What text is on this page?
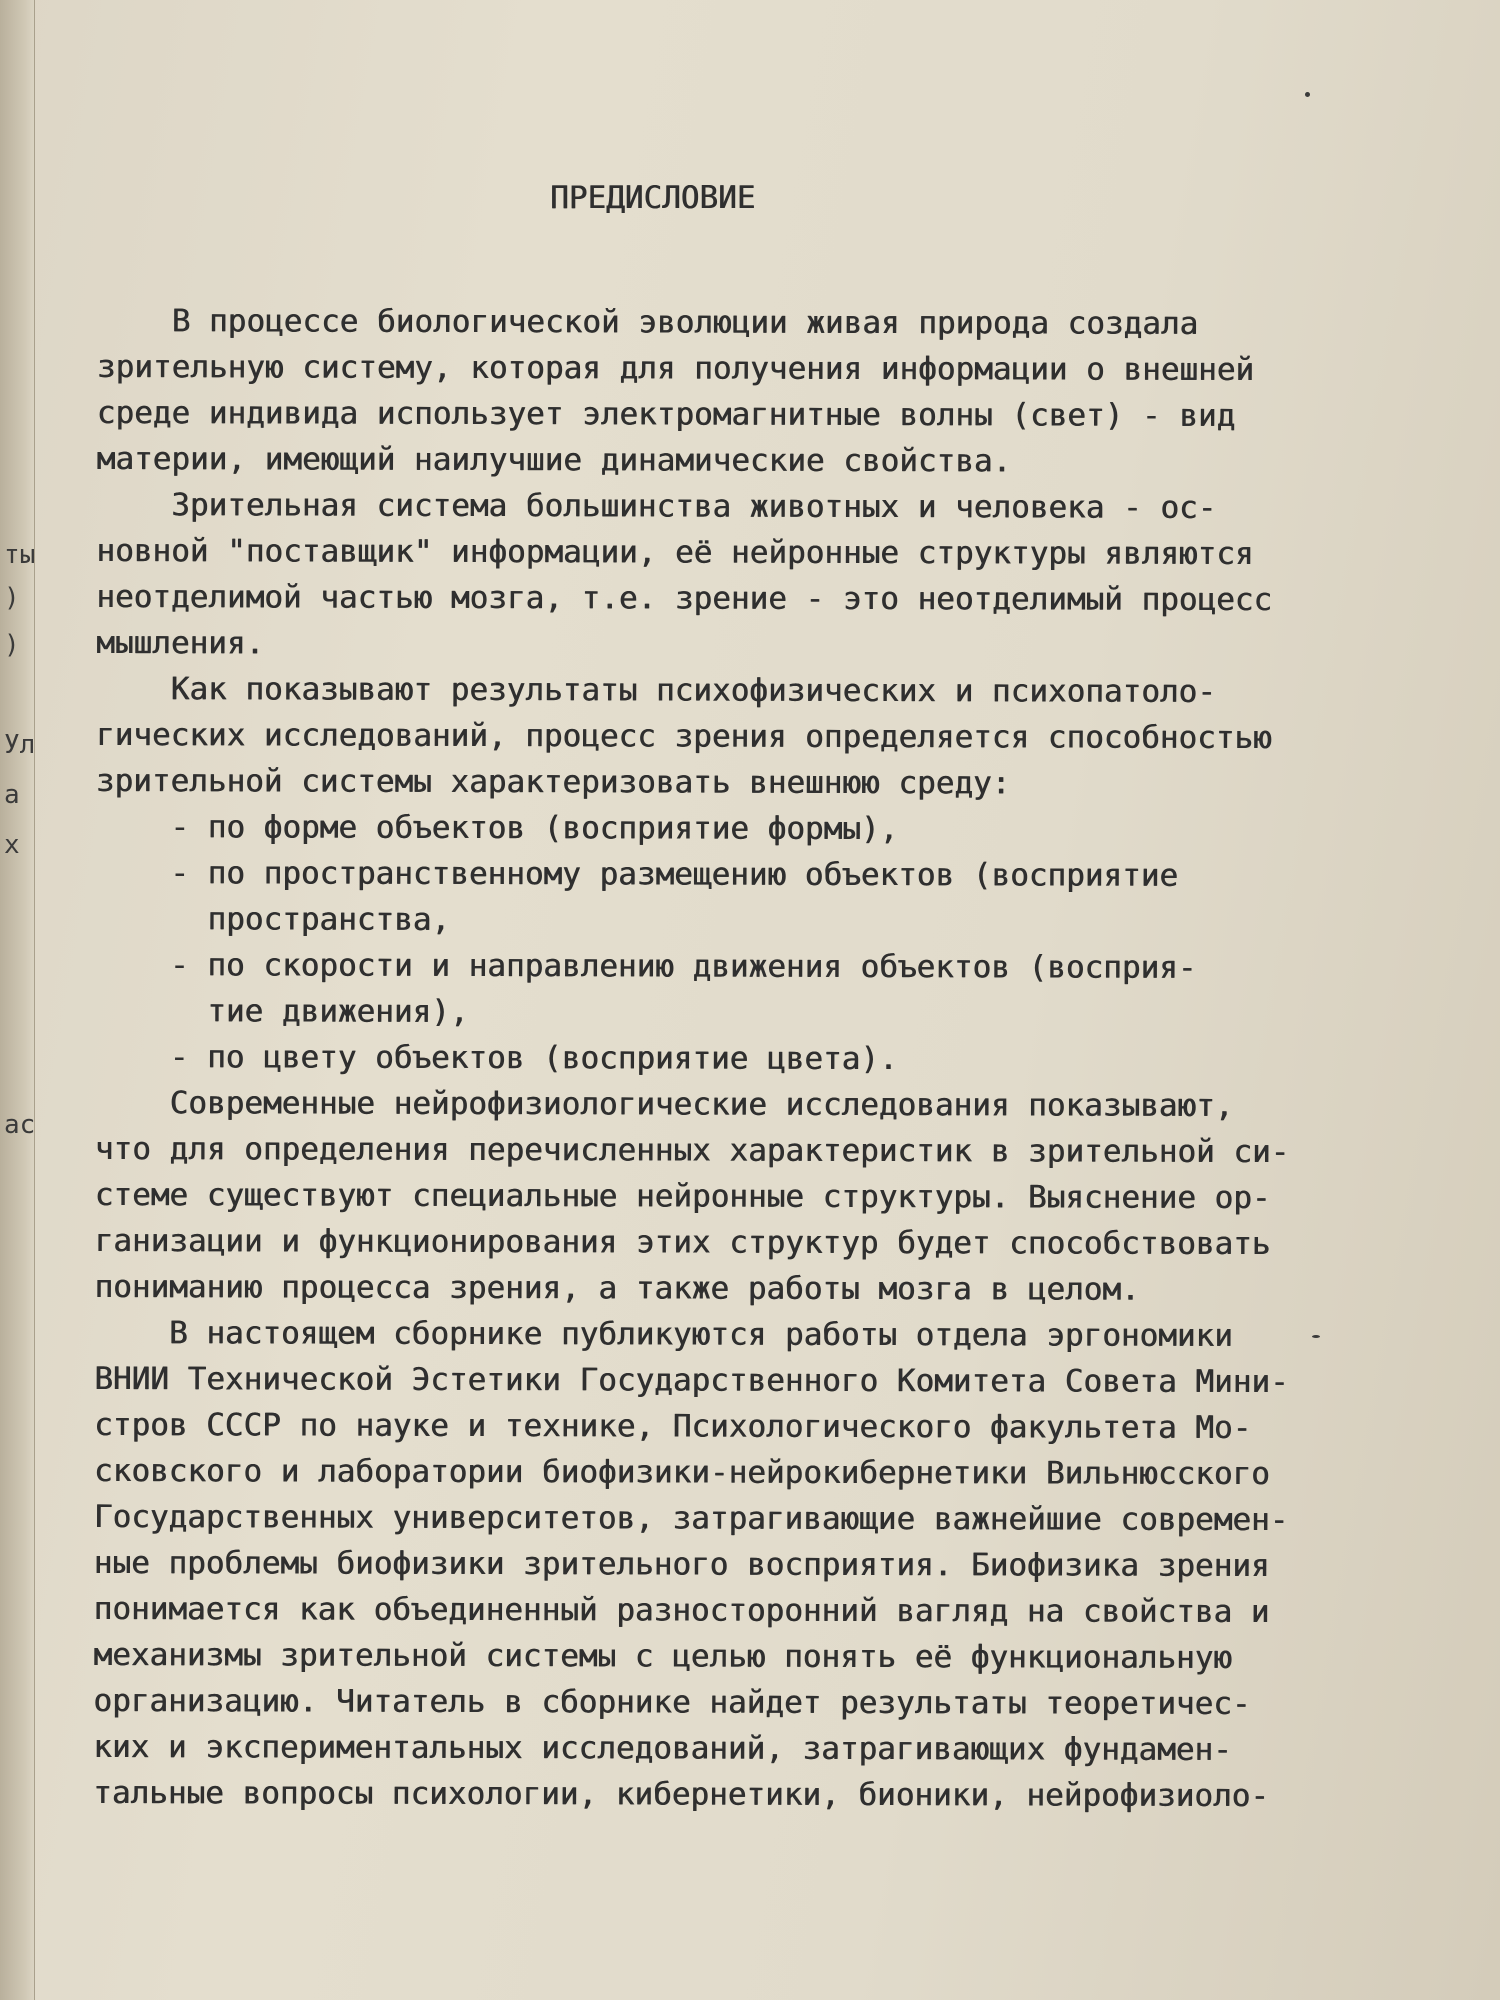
ты
)
)
Ул
а
х
ас
ПРЕДИСЛОВИЕ
В процессе биологической эволюции живая природа создала
зрительную систему, которая для получения информации о внешней
среде индивида использует электромагнитные волны (свет) - вид
материи, имеющий наилучшие динамические свойства.
Зрительная система большинства животных и человека - ос-
новной "поставщик" информации, её нейронные структуры являются
неотделимой частью мозга, т.е. зрение - это неотделимый процесс
мышления.
Как показывают результаты психофизических и психопатоло-
гических исследований, процесс зрения определяется способностью
зрительной системы характеризовать внешнюю среду:
- по форме объектов (восприятие формы),
- по пространственному размещению объектов (восприятие
пространства,
- по скорости и направлению движения объектов (восприя-
тие движения),
- по цвету объектов (восприятие цвета).
Современные нейрофизиологические исследования показывают,
что для определения перечисленных характеристик в зрительной си-
стеме существуют специальные нейронные структуры. Выяснение ор-
ганизации и функционирования этих структур будет способствовать
пониманию процесса зрения, а также работы мозга в целом.
В настоящем сборнике публикуются работы отдела эргономики
ВНИИ Технической Эстетики Государственного Комитета Совета Мини-
стров СССР по науке и технике, Психологического факультета Мо-
сковского и лаборатории биофизики-нейрокибернетики Вильнюсского
Государственных университетов, затрагивающие важнейшие современ-
ные проблемы биофизики зрительного восприятия. Биофизика зрения
понимается как объединенный разносторонний вагляд на свойства и
механизмы зрительной системы с целью понять её функциональную
организацию. Читатель в сборнике найдет результаты теоретичес-
ких и экспериментальных исследований, затрагивающих фундамен-
тальные вопросы психологии, кибернетики, бионики, нейрофизиоло-
